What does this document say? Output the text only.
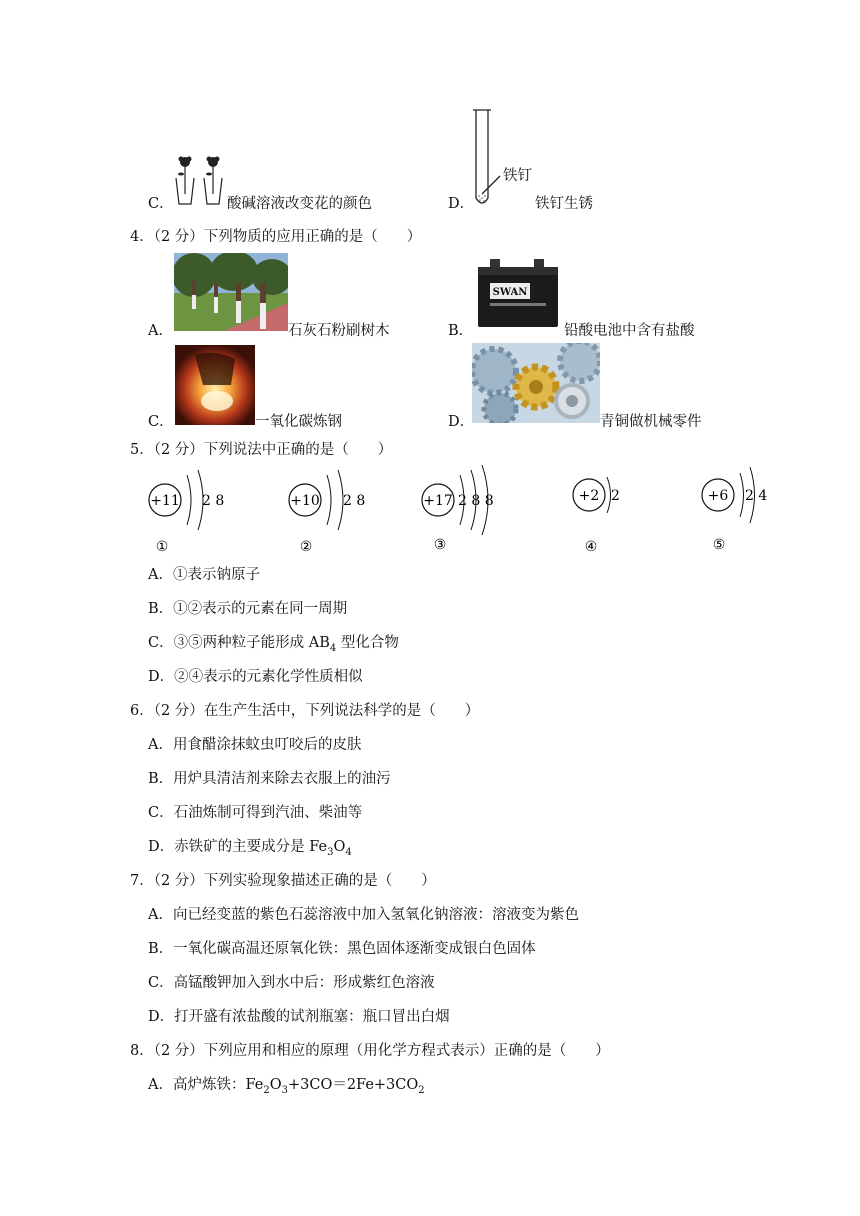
C．	酸碱溶液改变花的颜色
铁钉
D．	铁钉生锈
4．（2 分）下列物质的应用正确的是（　　）
A．	石灰石粉刷树木
SWAN
B．	铅酸电池中含有盐酸
C．	一氧化碳炼钢	D．	青铜做机械零件
5．（2 分）下列说法中正确的是（　　）
+11 2 8
①
+10 2 8
②
+17 2 8 8
③
+2 2
④
+6 2 4
⑤
A．①表示钠原子
B．①②表示的元素在同一周期
C．③⑤两种粒子能形成 $AB_4$ 型化合物
D．②④表示的元素化学性质相似
6．（2 分）在生产生活中，下列说法科学的是（　　）
A．用食醋涂抹蚊虫叮咬后的皮肤
B．用炉具清洁剂来除去衣服上的油污
C．石油炼制可得到汽油、柴油等
D．赤铁矿的主要成分是 $Fe_3O_4$
7．（2 分）下列实验现象描述正确的是（　　）
A．向已经变蓝的紫色石蕊溶液中加入氢氧化钠溶液：溶液变为紫色
B．一氧化碳高温还原氧化铁：黑色固体逐渐变成银白色固体
C．高锰酸钾加入到水中后：形成紫红色溶液
D．打开盛有浓盐酸的试剂瓶塞：瓶口冒出白烟
8．（2 分）下列应用和相应的原理（用化学方程式表示）正确的是（　　）
A．高炉炼铁：$Fe_2O_3+3CO=2Fe+3CO_2$
